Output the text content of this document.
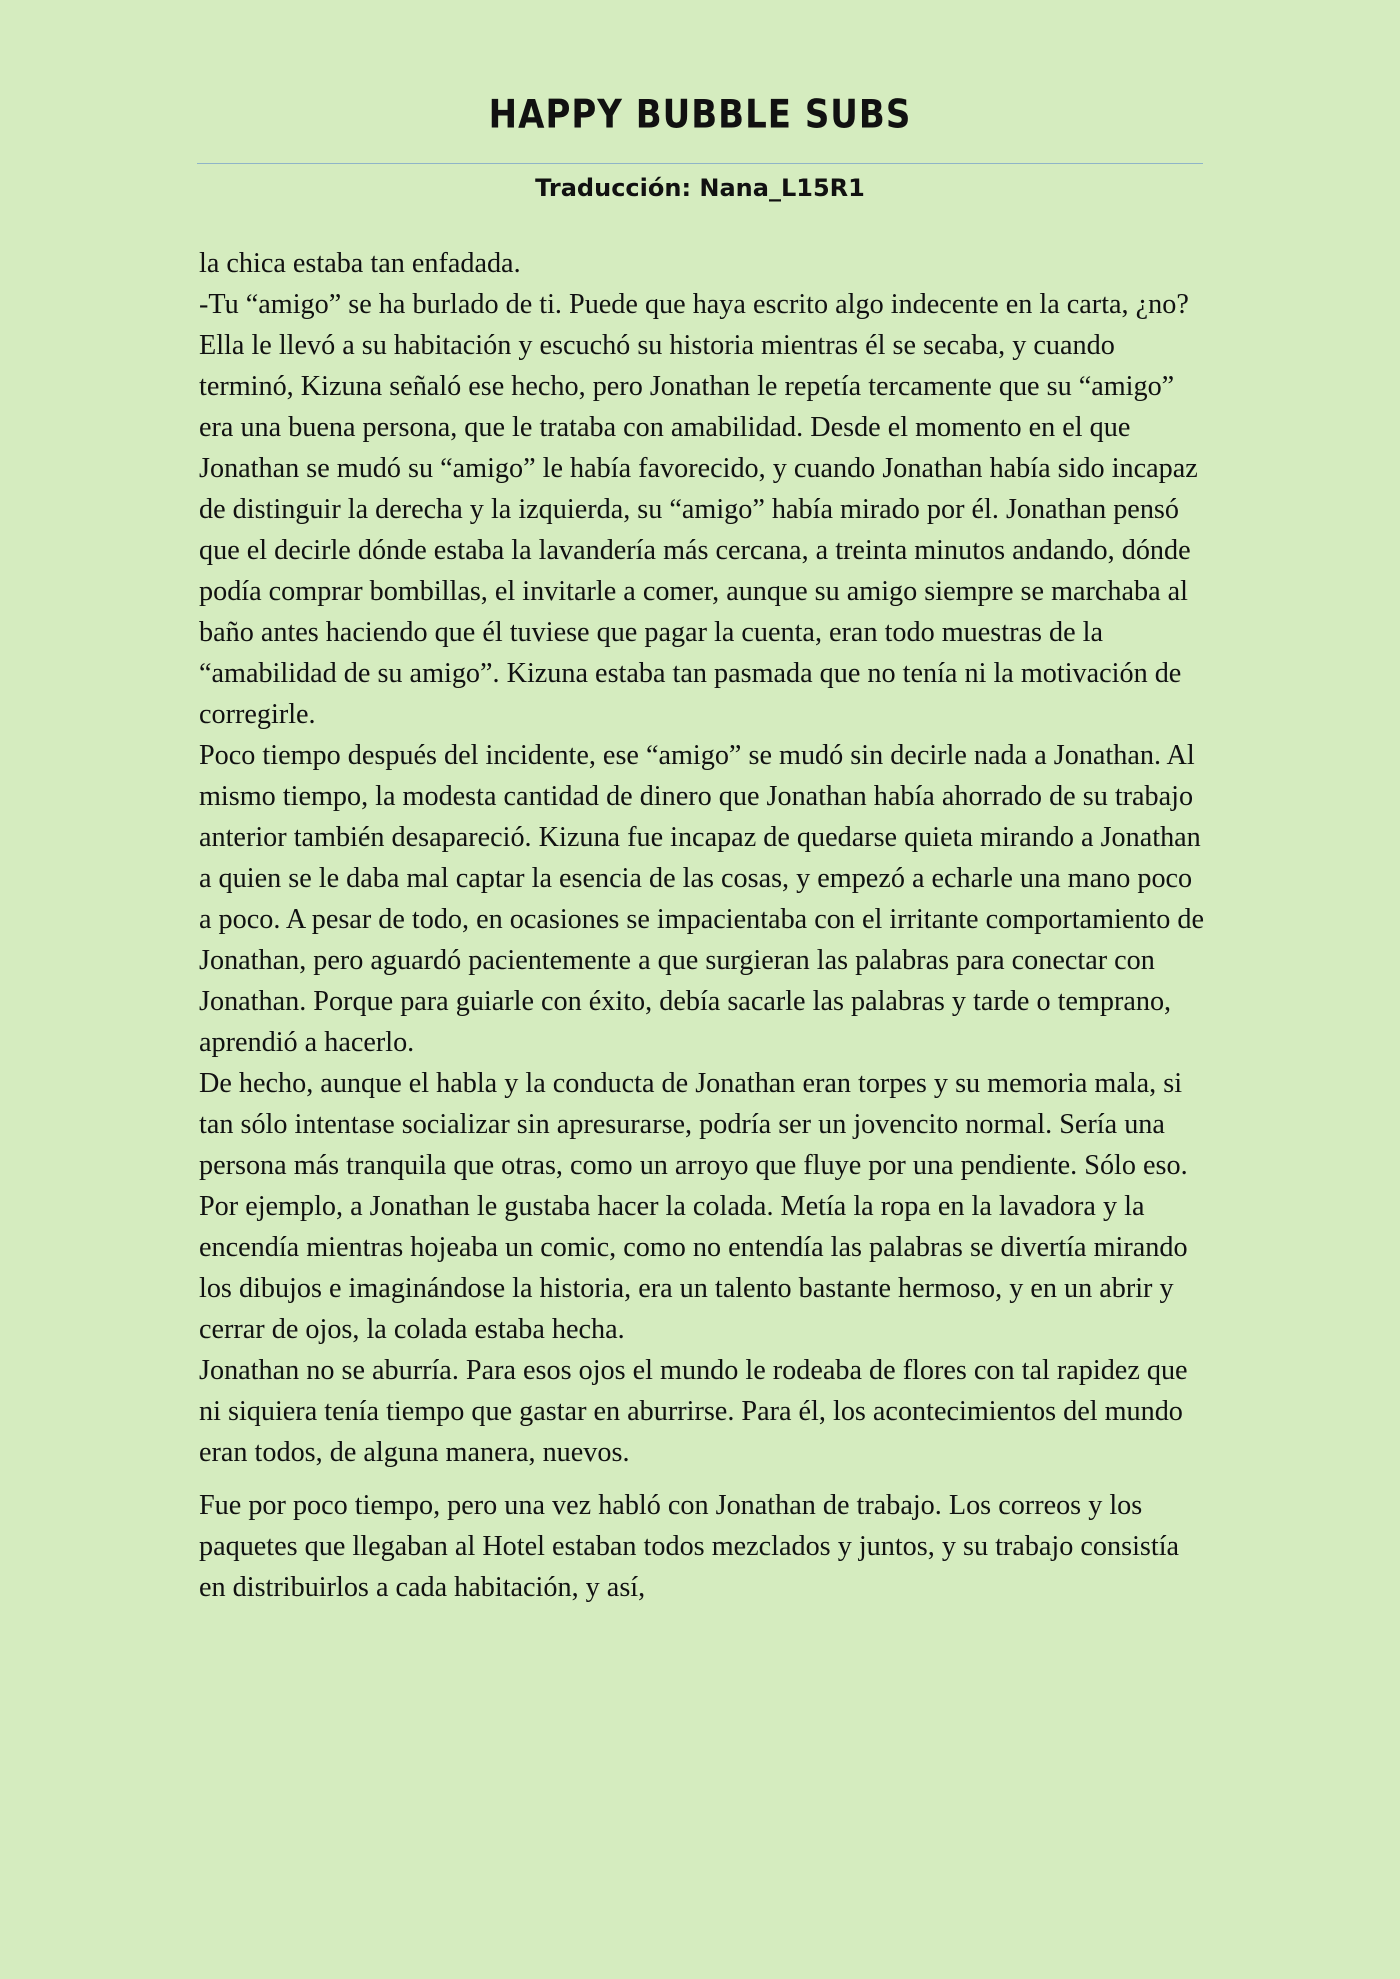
HAPPY BUBBLE SUBS
Traducción: Nana_L15R1

la chica estaba tan enfadada.

-Tu “amigo” se ha burlado de ti. Puede que haya escrito algo indecente en la carta, ¿no?

Ella le llevó a su habitación y escuchó su historia mientras él se secaba, y cuando terminó, Kizuna señaló ese hecho, pero Jonathan le repetía tercamente que su “amigo” era una buena persona, que le trataba con amabilidad. Desde el momento en el que Jonathan se mudó su “amigo” le había favorecido, y cuando Jonathan había sido incapaz de distinguir la derecha y la izquierda, su “amigo” había mirado por él. Jonathan pensó que el decirle dónde estaba la lavandería más cercana, a treinta minutos andando, dónde podía comprar bombillas, el invitarle a comer, aunque su amigo siempre se marchaba al baño antes haciendo que él tuviese que pagar la cuenta, eran todo muestras de la “amabilidad de su amigo”. Kizuna estaba tan pasmada que no tenía ni la motivación de corregirle.

Poco tiempo después del incidente, ese “amigo” se mudó sin decirle nada a Jonathan. Al mismo tiempo, la modesta cantidad de dinero que Jonathan había ahorrado de su trabajo anterior también desapareció. Kizuna fue incapaz de quedarse quieta mirando a Jonathan a quien se le daba mal captar la esencia de las cosas, y empezó a echarle una mano poco a poco. A pesar de todo, en ocasiones se impacientaba con el irritante comportamiento de Jonathan, pero aguardó pacientemente a que surgieran las palabras para conectar con Jonathan. Porque para guiarle con éxito, debía sacarle las palabras y tarde o temprano, aprendió a hacerlo.

De hecho, aunque el habla y la conducta de Jonathan eran torpes y su memoria mala, si tan sólo intentase socializar sin apresurarse, podría ser un jovencito normal. Sería una persona más tranquila que otras, como un arroyo que fluye por una pendiente. Sólo eso.

Por ejemplo, a Jonathan le gustaba hacer la colada. Metía la ropa en la lavadora y la encendía mientras hojeaba un comic, como no entendía las palabras se divertía mirando los dibujos e imaginándose la historia, era un talento bastante hermoso, y en un abrir y cerrar de ojos, la colada estaba hecha.

Jonathan no se aburría. Para esos ojos el mundo le rodeaba de flores con tal rapidez que ni siquiera tenía tiempo que gastar en aburrirse. Para él, los acontecimientos del mundo eran todos, de alguna manera, nuevos.

Fue por poco tiempo, pero una vez habló con Jonathan de trabajo. Los correos y los paquetes que llegaban al Hotel estaban todos mezclados y juntos, y su trabajo consistía en distribuirlos a cada habitación, y así,
